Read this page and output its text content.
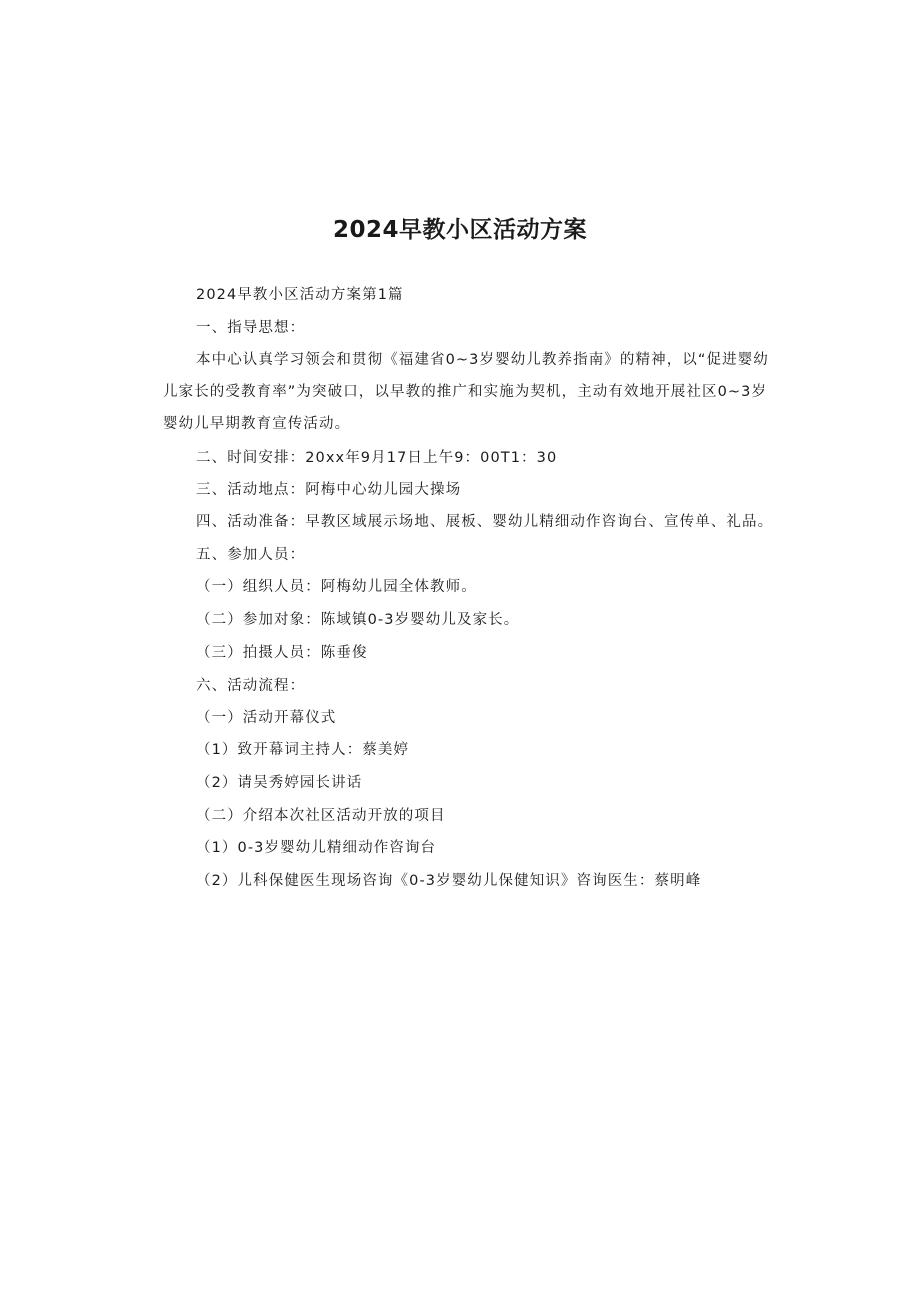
2024早教小区活动方案
2024早教小区活动方案第1篇
一、指导思想：
本中心认真学习领会和贯彻《福建省0~3岁婴幼儿教养指南》的精神，以“促进婴幼
儿家长的受教育率”为突破口，以早教的推广和实施为契机，主动有效地开展社区0~3岁
婴幼儿早期教育宣传活动。
二、时间安排：20xx年9月17日上午9：00T1：30
三、活动地点：阿梅中心幼儿园大操场
四、活动准备：早教区域展示场地、展板、婴幼儿精细动作咨询台、宣传单、礼品。
五、参加人员：
（一）组织人员：阿梅幼儿园全体教师。
（二）参加对象：陈域镇0-3岁婴幼儿及家长。
（三）拍摄人员：陈垂俊
六、活动流程：
（一）活动开幕仪式
（1）致开幕词主持人：蔡美婷
（2）请吴秀婷园长讲话
（二）介绍本次社区活动开放的项目
（1）0-3岁婴幼儿精细动作咨询台
（2）儿科保健医生现场咨询《0-3岁婴幼儿保健知识》咨询医生：蔡明峰
